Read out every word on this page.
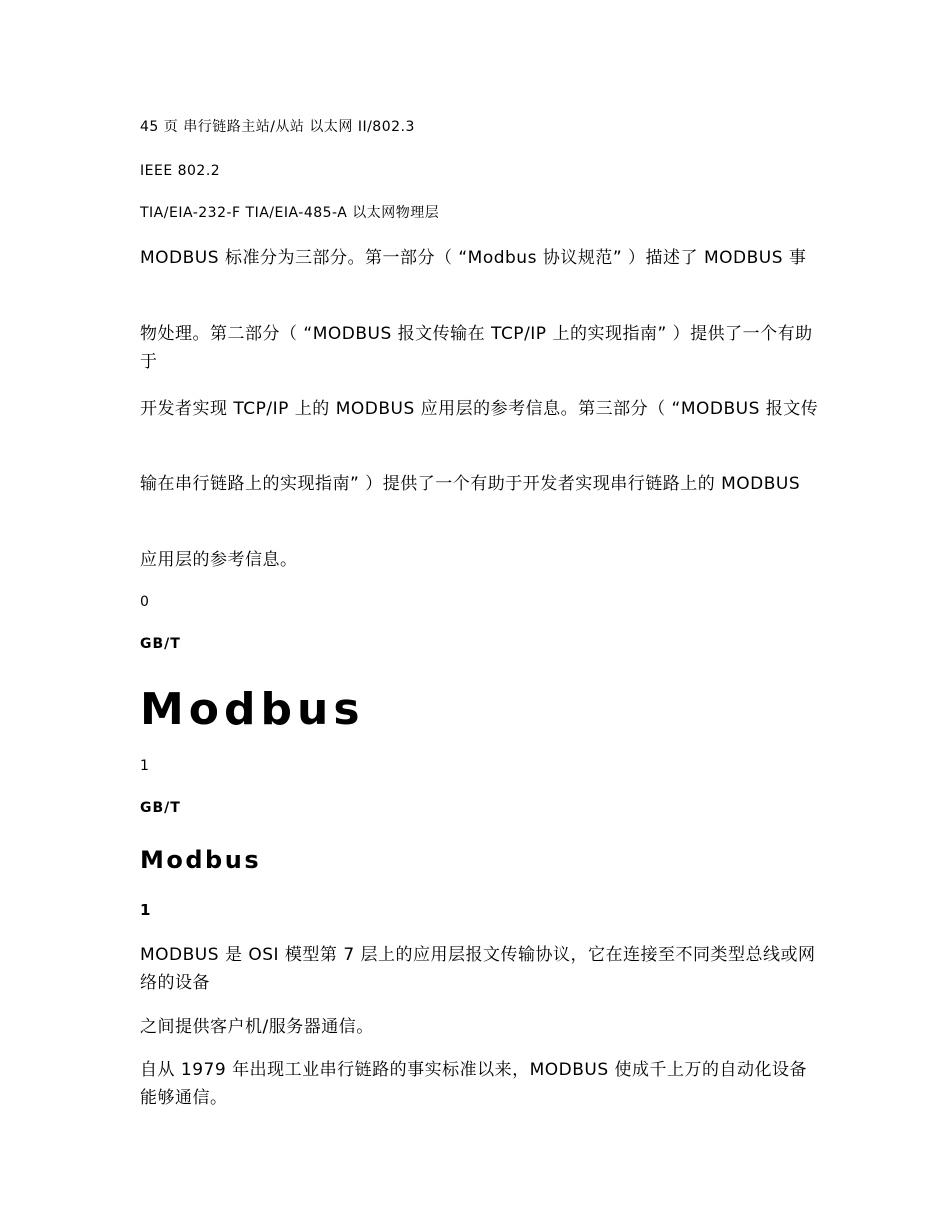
45 页 串行链路主站/从站 以太网 II/802.3
IEEE 802.2
TIA/EIA-232-F TIA/EIA-485-A 以太网物理层
MODBUS 标准分为三部分。第一部分（ “Modbus 协议规范” ）描述了 MODBUS 事
物处理。第二部分（ “MODBUS 报文传输在 TCP/IP 上的实现指南” ）提供了一个有助于
开发者实现 TCP/IP 上的 MODBUS 应用层的参考信息。第三部分（ “MODBUS 报文传
输在串行链路上的实现指南” ）提供了一个有助于开发者实现串行链路上的 MODBUS
应用层的参考信息。
0
GB/T
Modbus
1
GB/T
Modbus
1
MODBUS 是 OSI 模型第 7 层上的应用层报文传输协议，它在连接至不同类型总线或网络的设备
之间提供客户机/服务器通信。
自从 1979 年出现工业串行链路的事实标准以来，MODBUS 使成千上万的自动化设备能够通信。
